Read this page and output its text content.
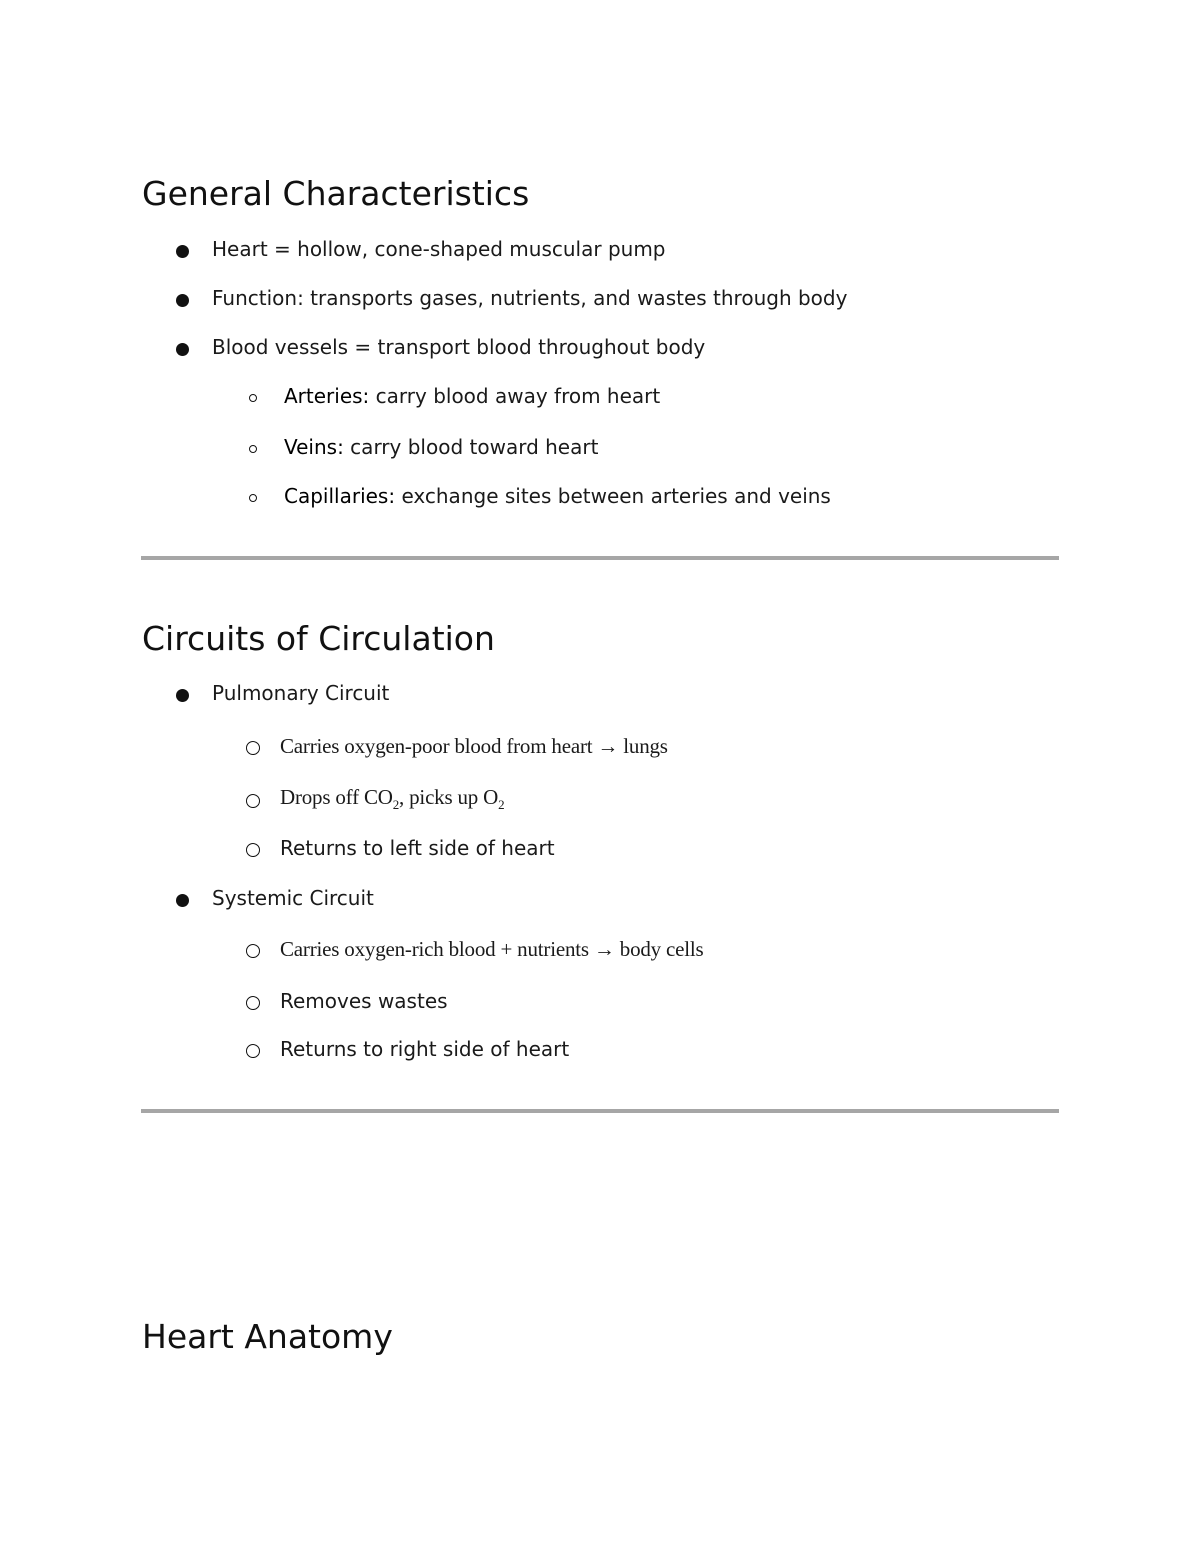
General Characteristics
Heart = hollow, cone-shaped muscular pump
Function: transports gases, nutrients, and wastes through body
Blood vessels = transport blood throughout body
Arteries: carry blood away from heart
Veins: carry blood toward heart
Capillaries: exchange sites between arteries and veins
Circuits of Circulation
Pulmonary Circuit
Carries oxygen-poor blood from heart → lungs
Drops off $CO_2$, picks up $O_2$
Returns to left side of heart
Systemic Circuit
Carries oxygen-rich blood + nutrients → body cells
Removes wastes
Returns to right side of heart
Heart Anatomy
